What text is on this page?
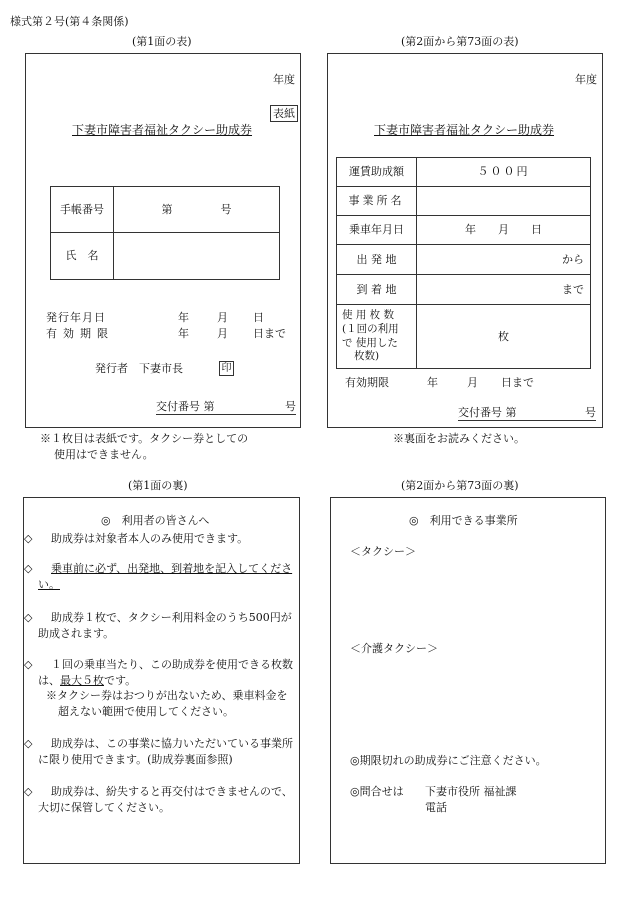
様式第２号(第４条関係)
(第1面の表)	(第2面から第73面の表)
年度
表紙
下妻市障害者福祉タクシー助成券
手帳番号	第 号
氏　名	
発行年月日	年	月 日
有効期限	年	月 日まで
発行者　下妻市長	印
交付番号 第	号
※１枚目は表紙です。タクシー券としての
使用はできません。
年度
下妻市障害者福祉タクシー助成券
運賃助成額	５００円
事業所名	
乗車年月日	年　　月　　日
出 発 地	から
到 着 地	まで

使 用 枚 数
(１回の利用
で 使用した
枚数)	枚
有効期限	年	月 日まで
交付番号 第	号
※裏面をお読みください。
(第1面の裏)	(第2面から第73面の裏)
◎　利用者の皆さんへ
◇ 助成券は対象者本人のみ使用できます。
◇ 乗車前に必ず、出発地、到着地を記入してください。
◇ 助成券１枚で、タクシー利用料金のうち500円が助成されます。
◇ １回の乗車当たり、この助成券を使用できる枚数は、最大５枚です。
※タクシー券はおつりが出ないため、乗車料金を超えない範囲で使用してください。
◇ 助成券は、この事業に協力いただいている事業所に限り使用できます。(助成券裏面参照)
◇ 助成券は、紛失すると再交付はできませんので、大切に保管してください。
◎　利用できる事業所
＜タクシー＞
＜介護タクシー＞
◎期限切れの助成券にご注意ください。
◎問合せは 下妻市役所 福祉課
電話
